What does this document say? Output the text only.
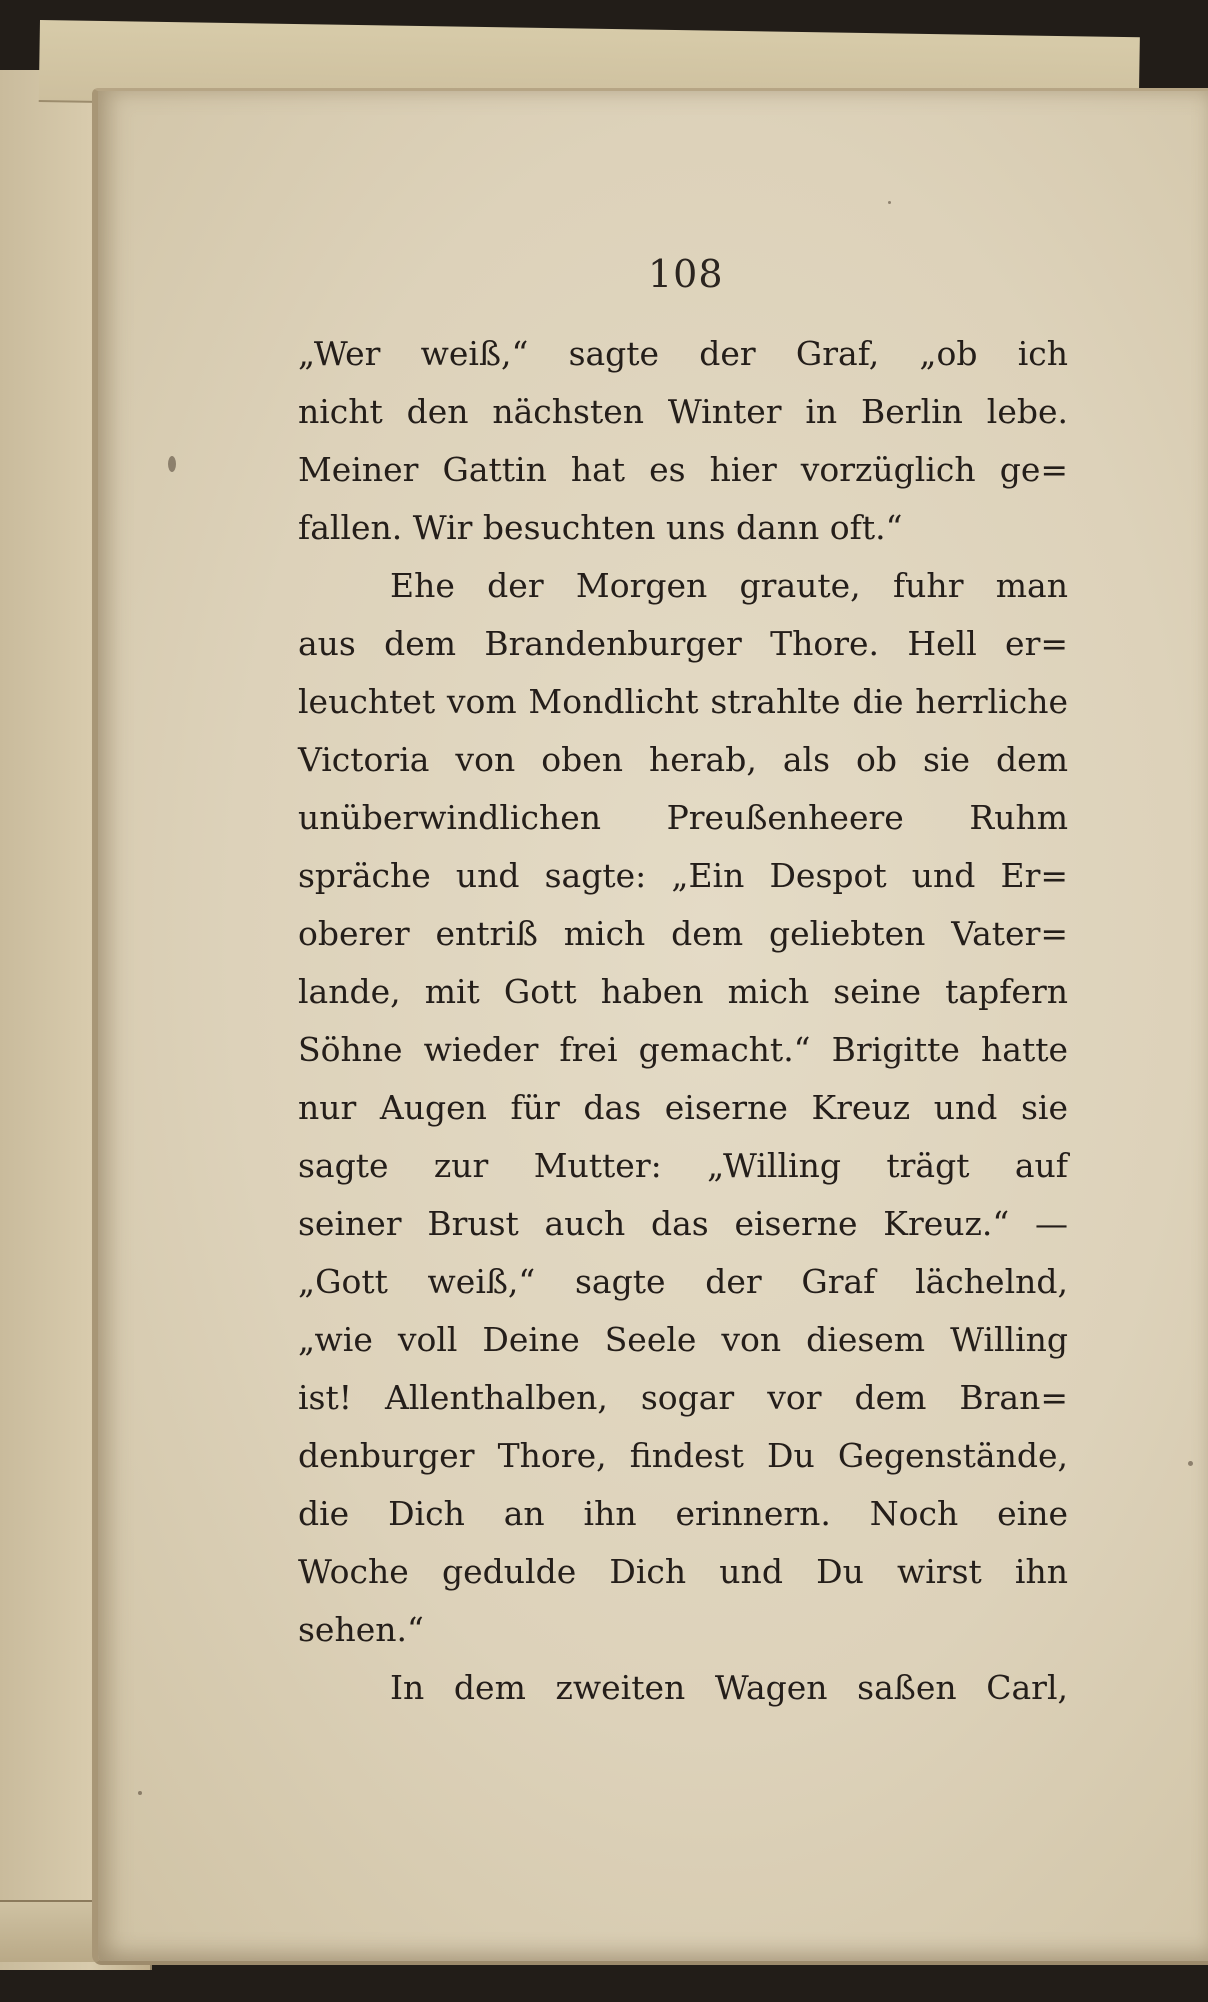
108
„Wer weiß,“ sagte der Graf, „ob ich
nicht den nächsten Winter in Berlin lebe.
Meiner Gattin hat es hier vorzüglich ge=
fallen. Wir besuchten uns dann oft.“
Ehe der Morgen graute, fuhr man
aus dem Brandenburger Thore. Hell er=
leuchtet vom Mondlicht strahlte die herrliche
Victoria von oben herab, als ob sie dem
unüberwindlichen Preußenheere Ruhm
spräche und sagte: „Ein Despot und Er=
oberer entriß mich dem geliebten Vater=
lande, mit Gott haben mich seine tapfern
Söhne wieder frei gemacht.“ Brigitte hatte
nur Augen für das eiserne Kreuz und sie
sagte zur Mutter: „Willing trägt auf
seiner Brust auch das eiserne Kreuz.“ —
„Gott weiß,“ sagte der Graf lächelnd,
„wie voll Deine Seele von diesem Willing
ist! Allenthalben, sogar vor dem Bran=
denburger Thore, findest Du Gegenstände,
die Dich an ihn erinnern. Noch eine
Woche gedulde Dich und Du wirst ihn
sehen.“
In dem zweiten Wagen saßen Carl,
